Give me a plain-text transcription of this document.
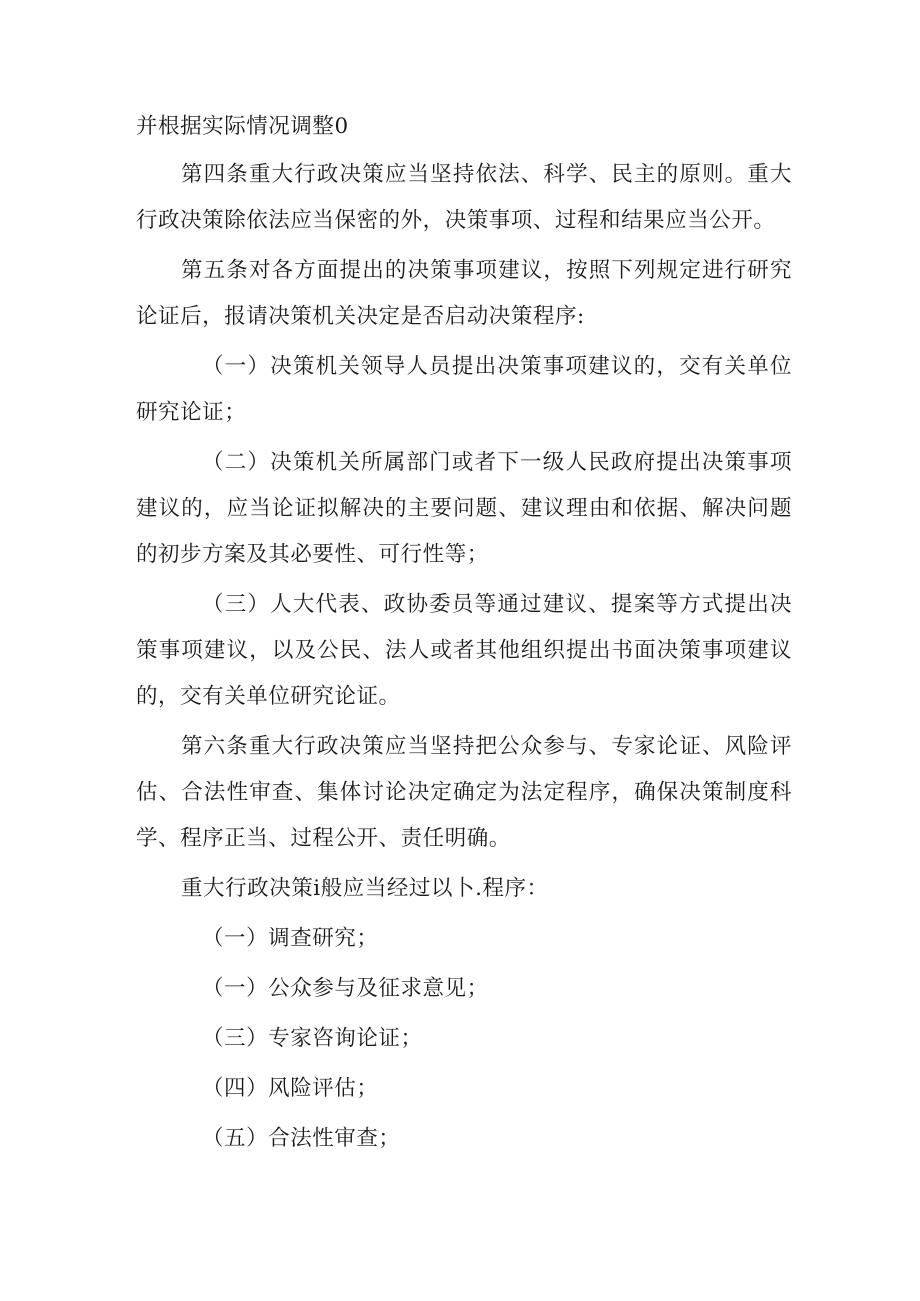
并根据实际情况调整0

第四条重大行政决策应当坚持依法、科学、民主的原则。重大行政决策除依法应当保密的外，决策事项、过程和结果应当公开。

第五条对各方面提出的决策事项建议，按照下列规定进行研究论证后，报请决策机关决定是否启动决策程序:

（一）决策机关领导人员提出决策事项建议的，交有关单位研究论证；

（二）决策机关所属部门或者下一级人民政府提出决策事项建议的，应当论证拟解决的主要问题、建议理由和依据、解决问题的初步方案及其必要性、可行性等；

（三）人大代表、政协委员等通过建议、提案等方式提出决策事项建议，以及公民、法人或者其他组织提出书面决策事项建议的，交有关单位研究论证。

第六条重大行政决策应当坚持把公众参与、专家论证、风险评估、合法性审查、集体讨论决定确定为法定程序，确保决策制度科学、程序正当、过程公开、责任明确。

重大行政决策i般应当经过以卜.程序：

（一）调查研究；

（一）公众参与及征求意见；

（三）专家咨询论证；

（四）风险评估；

（五）合法性审查；
